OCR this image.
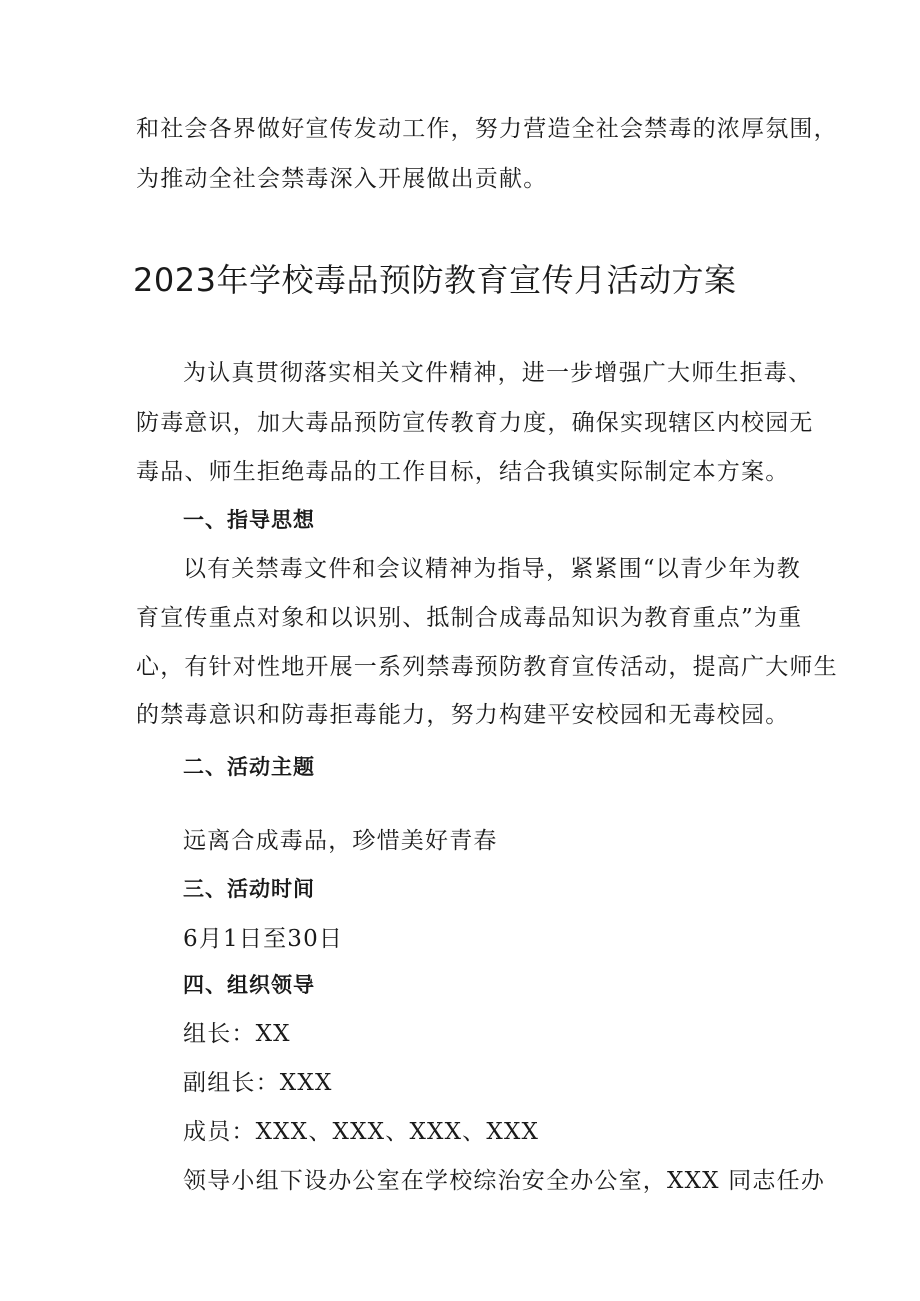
和社会各界做好宣传发动工作，努力营造全社会禁毒的浓厚氛围，
为推动全社会禁毒深入开展做出贡献。
2023年学校毒品预防教育宣传月活动方案
为认真贯彻落实相关文件精神，进一步增强广大师生拒毒、
防毒意识，加大毒品预防宣传教育力度，确保实现辖区内校园无
毒品、师生拒绝毒品的工作目标，结合我镇实际制定本方案。
一、指导思想
以有关禁毒文件和会议精神为指导，紧紧围“以青少年为教
育宣传重点对象和以识别、抵制合成毒品知识为教育重点”为重
心，有针对性地开展一系列禁毒预防教育宣传活动，提高广大师生
的禁毒意识和防毒拒毒能力，努力构建平安校园和无毒校园。
二、活动主题
远离合成毒品，珍惜美好青春
三、活动时间
6月1日至30日
四、组织领导
组长：XX
副组长：XXX
成员：XXX、XXX、XXX、XXX
领导小组下设办公室在学校综治安全办公室，XXX 同志任办
